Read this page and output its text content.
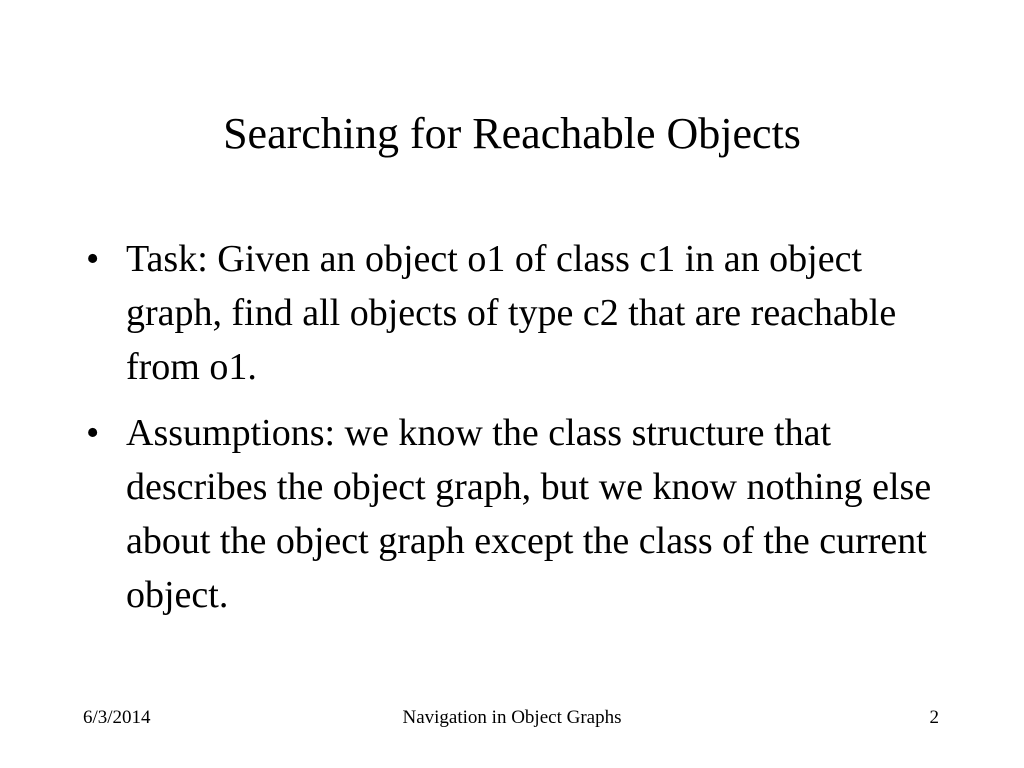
Searching for Reachable Objects
• Task: Given an object o1 of class c1 in an object graph, find all objects of type c2 that are reachable from o1.
• Assumptions: we know the class structure that describes the object graph, but we know nothing else about the object graph except the class of the current object.
6/3/2014	Navigation in Object Graphs	2
